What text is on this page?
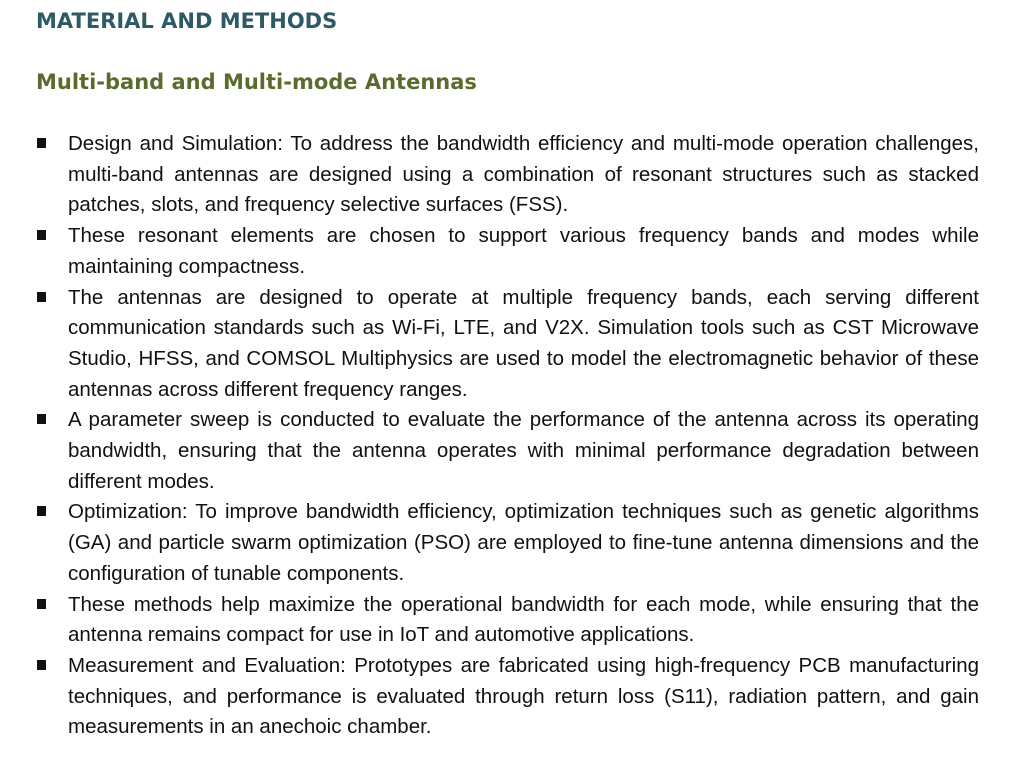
MATERIAL AND METHODS
Multi-band and Multi-mode Antennas
Design and Simulation: To address the bandwidth efficiency and multi-mode operation challenges, multi-band antennas are designed using a combination of resonant structures such as stacked patches, slots, and frequency selective surfaces (FSS).
These resonant elements are chosen to support various frequency bands and modes while maintaining compactness.
The antennas are designed to operate at multiple frequency bands, each serving different communication standards such as Wi-Fi, LTE, and V2X. Simulation tools such as CST Microwave Studio, HFSS, and COMSOL Multiphysics are used to model the electromagnetic behavior of these antennas across different frequency ranges.
A parameter sweep is conducted to evaluate the performance of the antenna across its operating bandwidth, ensuring that the antenna operates with minimal performance degradation between different modes.
Optimization: To improve bandwidth efficiency, optimization techniques such as genetic algorithms (GA) and particle swarm optimization (PSO) are employed to fine-tune antenna dimensions and the configuration of tunable components.
These methods help maximize the operational bandwidth for each mode, while ensuring that the antenna remains compact for use in IoT and automotive applications.
Measurement and Evaluation: Prototypes are fabricated using high-frequency PCB manufacturing techniques, and performance is evaluated through return loss (S11), radiation pattern, and gain measurements in an anechoic chamber.
